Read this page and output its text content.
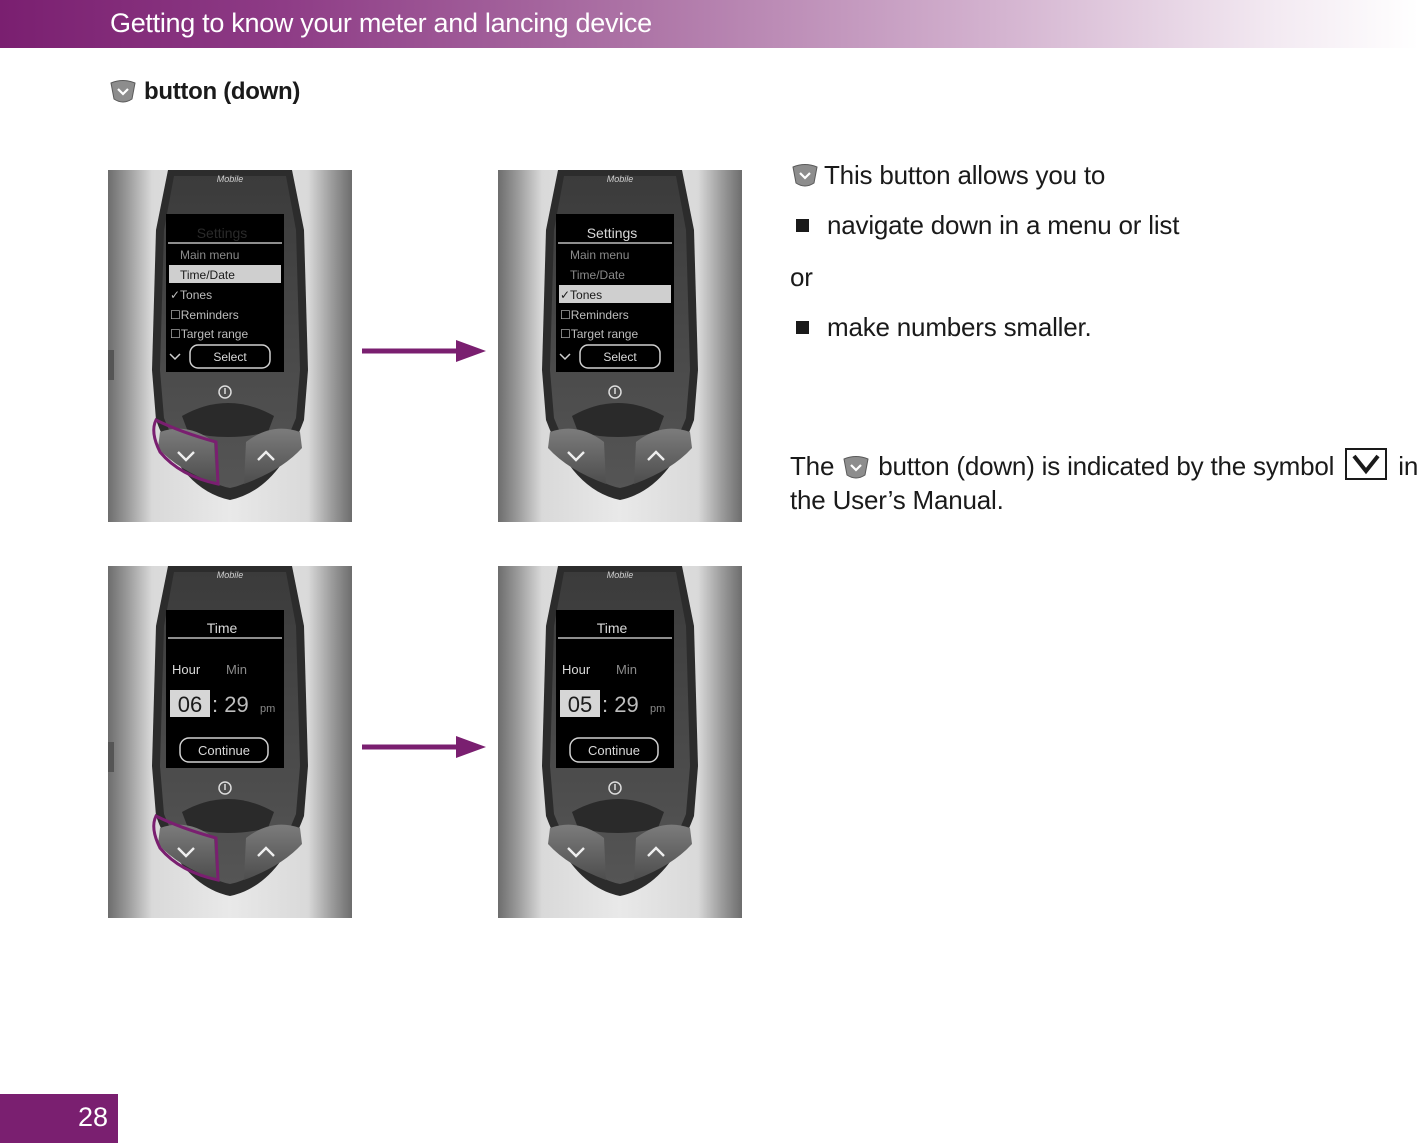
Getting to know your meter and lancing device
button (down)
Mobile
Settings
Main menu
Time/Date
✓Tones
☐Reminders
☐Target range
Select
Mobile
Settings
Main menu
Time/Date
✓Tones
☐Reminders
☐Target range
Select
Mobile
Time
Hour Min
06 : 29 pm
Continue
Mobile
Time
Hour Min
05 : 29 pm
Continue
This button allows you to
navigate down in a menu or list
or
make numbers smaller.
The button (down) is indicated by the symbol in the User’s Manual.
28
